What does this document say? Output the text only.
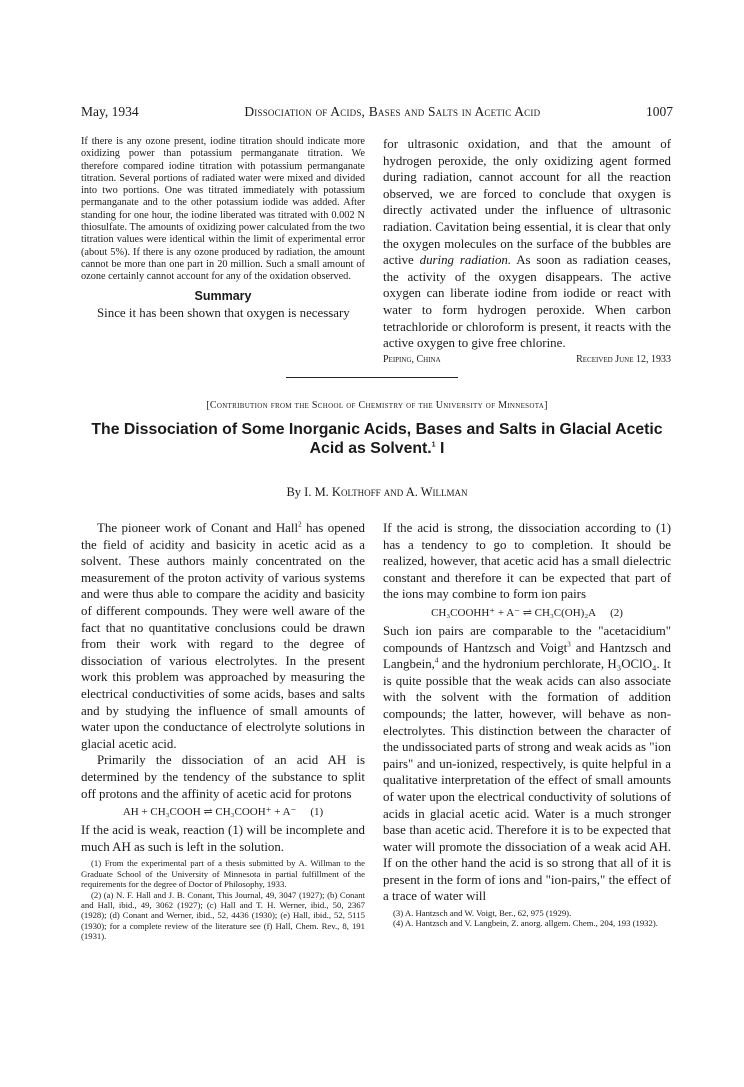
May, 1934	Dissociation of Acids, Bases and Salts in Acetic Acid	1007

If there is any ozone present, iodine titration should indicate more oxidizing power than potassium permanganate titration. We therefore compared iodine titration with potassium permanganate titration. Several portions of radiated water were mixed and divided into two portions. One was titrated immediately with potassium permanganate and to the other potassium iodide was added. After standing for one hour, the iodine liberated was titrated with 0.002 N thiosulfate. The amounts of oxidizing power calculated from the two titration values were identical within the limit of experimental error (about 5%). If there is any ozone produced by radiation, the amount cannot be more than one part in 20 million. Such a small amount of ozone certainly cannot account for any of the oxidation observed.

Summary

Since it has been shown that oxygen is necessary

for ultrasonic oxidation, and that the amount of hydrogen peroxide, the only oxidizing agent formed during radiation, cannot account for all the reaction observed, we are forced to conclude that oxygen is directly activated under the influence of ultrasonic radiation. Cavitation being essential, it is clear that only the oxygen molecules on the surface of the bubbles are active during radiation. As soon as radiation ceases, the activity of the oxygen disappears. The active oxygen can liberate iodine from iodide or react with water to form hydrogen peroxide. When carbon tetrachloride or chloroform is present, it reacts with the active oxygen to give free chlorine.

Peiping, China	Received June 12, 1933
[Contribution from the School of Chemistry of the University of Minnesota]
The Dissociation of Some Inorganic Acids, Bases and Salts in Glacial Acetic Acid as Solvent.$^1$ I
By I. M. Kolthoff and A. Willman

The pioneer work of Conant and Hall$^2$ has opened the field of acidity and basicity in acetic acid as a solvent. These authors mainly concentrated on the measurement of the proton activity of various systems and were thus able to compare the acidity and basicity of different compounds. They were well aware of the fact that no quantitative conclusions could be drawn from their work with regard to the degree of dissociation of various electrolytes. In the present work this problem was approached by measuring the electrical conductivities of some acids, bases and salts and by studying the influence of small amounts of water upon the conductance of electrolyte solutions in glacial acetic acid.

Primarily the dissociation of an acid AH is determined by the tendency of the substance to split off protons and the affinity of acetic acid for protons

AH + CH₃COOH ⇌ CH₃COOH⁺ + A⁻ (1)

If the acid is weak, reaction (1) will be incomplete and much AH as such is left in the solution.

(1) From the experimental part of a thesis submitted by A. Willman to the Graduate School of the University of Minnesota in partial fulfillment of the requirements for the degree of Doctor of Philosophy, 1933.

(2) (a) N. F. Hall and J. B. Conant, This Journal, 49, 3047 (1927); (b) Conant and Hall, ibid., 49, 3062 (1927); (c) Hall and T. H. Werner, ibid., 50, 2367 (1928); (d) Conant and Werner, ibid., 52, 4436 (1930); (e) Hall, ibid., 52, 5115 (1930); for a complete review of the literature see (f) Hall, Chem. Rev., 8, 191 (1931).

If the acid is strong, the dissociation according to (1) has a tendency to go to completion. It should be realized, however, that acetic acid has a small dielectric constant and therefore it can be expected that part of the ions may combine to form ion pairs

CH₃COOHH⁺ + A⁻ ⇌ CH₃C(OH)₂A (2)

Such ion pairs are comparable to the "acetacidium" compounds of Hantzsch and Voigt$^3$ and Hantzsch and Langbein,$^4$ and the hydronium perchlorate, H₃OClO₄. It is quite possible that the weak acids can also associate with the solvent with the formation of addition compounds; the latter, however, will behave as non-electrolytes. This distinction between the character of the undissociated parts of strong and weak acids as "ion pairs" and un-ionized, respectively, is quite helpful in a qualitative interpretation of the effect of small amounts of water upon the electrical conductivity of solutions of acids in glacial acetic acid. Water is a much stronger base than acetic acid. Therefore it is to be expected that water will promote the dissociation of a weak acid AH. If on the other hand the acid is so strong that all of it is present in the form of ions and "ion-pairs," the effect of a trace of water will

(3) A. Hantzsch and W. Voigt, Ber., 62, 975 (1929).

(4) A. Hantzsch and V. Langbein, Z. anorg. allgem. Chem., 204, 193 (1932).
